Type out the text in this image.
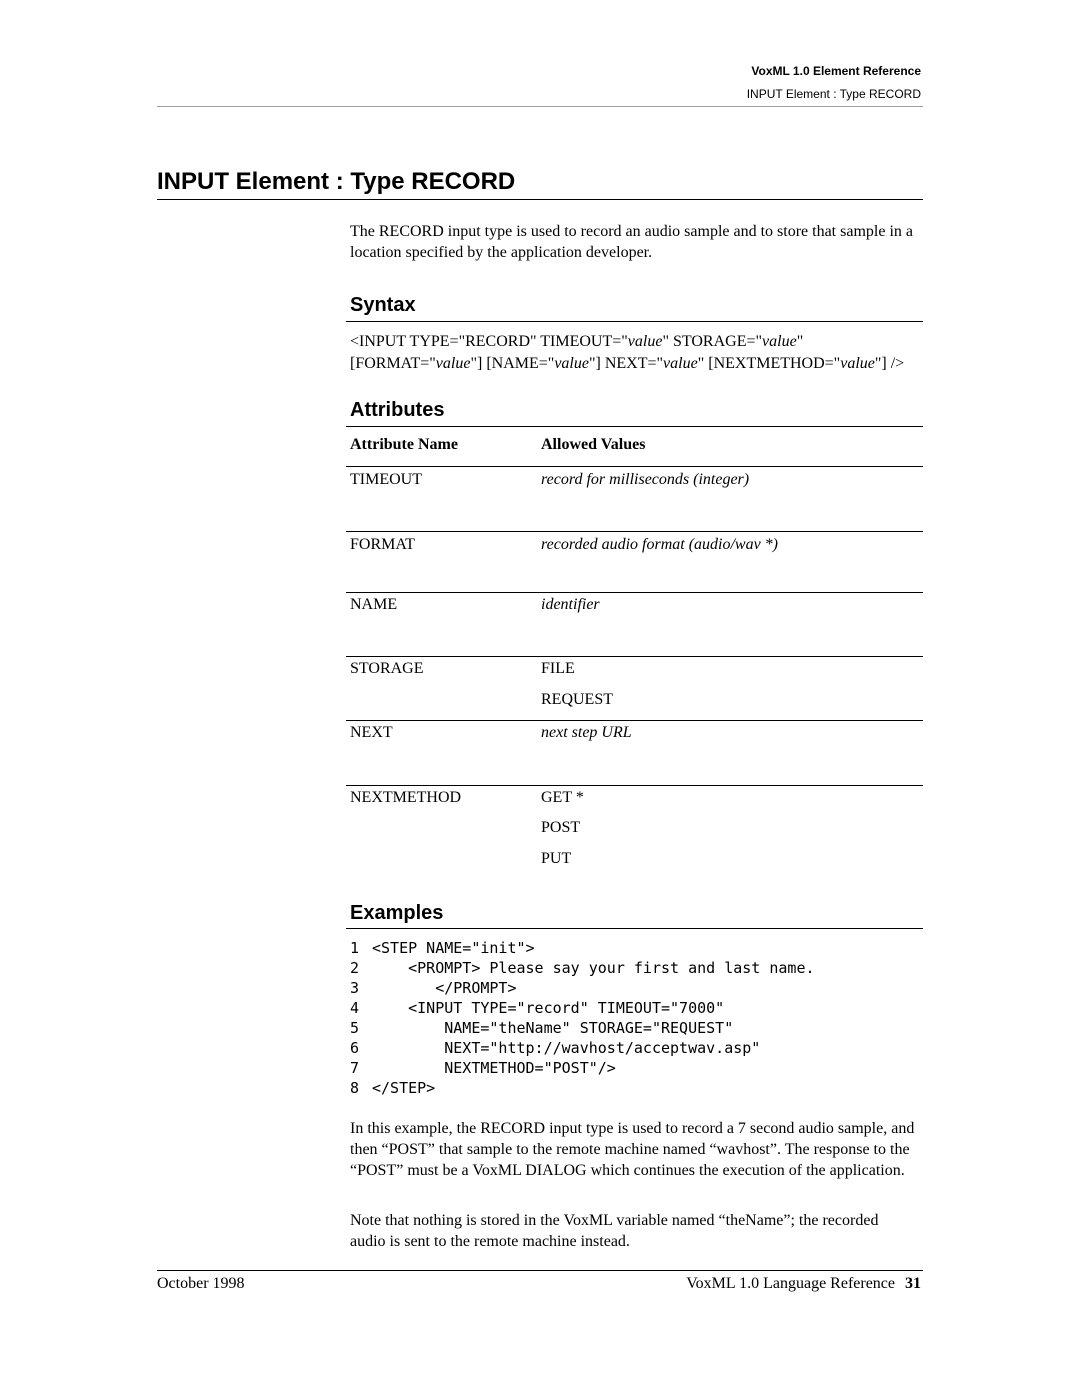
VoxML 1.0 Element Reference
INPUT Element : Type RECORD
INPUT Element : Type RECORD

The RECORD input type is used to record an audio sample and to store that sample in a location specified by the application developer.

Syntax
<INPUT TYPE="RECORD" TIMEOUT="value" STORAGE="value" [FORMAT="value"] [NAME="value"] NEXT="value" [NEXTMETHOD="value"] />
Attributes
Attribute Name	Allowed Values
TIMEOUT	record for milliseconds (integer)
FORMAT	recorded audio format (audio/wav *)
NAME	identifier
STORAGE	FILE
REQUEST
NEXT	next step URL
NEXTMETHOD	GET *
POST
PUT
Examples
1 <STEP NAME="init">
2    <PROMPT> Please say your first and last name.
3       </PROMPT>
4    <INPUT TYPE="record" TIMEOUT="7000"
5        NAME="theName" STORAGE="REQUEST"
6        NEXT="http://wavhost/acceptwav.asp"
7        NEXTMETHOD="POST"/>
8 </STEP>

In this example, the RECORD input type is used to record a 7 second audio sample, and then “POST” that sample to the remote machine named “wavhost”. The response to the “POST” must be a VoxML DIALOG which continues the execution of the application.

Note that nothing is stored in the VoxML variable named “theName”; the recorded audio is sent to the remote machine instead.

October 1998	VoxML 1.0 Language Reference 31
